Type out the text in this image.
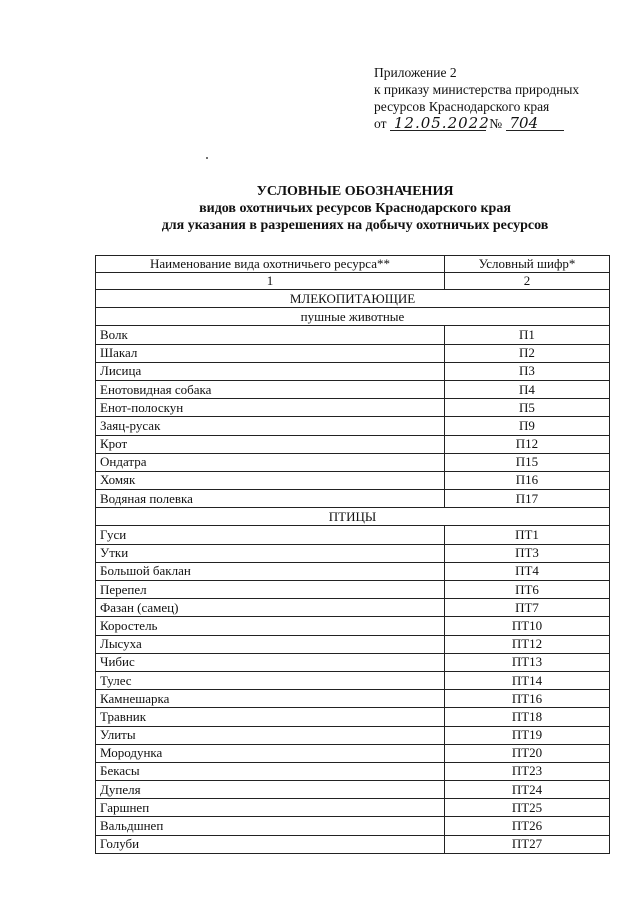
Приложение 2
к приказу министерства природных
ресурсов Краснодарского края
от 12.05.2022 № 704
УСЛОВНЫЕ ОБОЗНАЧЕНИЯ
видов охотничьих ресурсов Краснодарского края
для указания в разрешениях на добычу охотничьих ресурсов
Наименование вида охотничьего ресурса**	Условный шифр*
1	2
МЛЕКОПИТАЮЩИЕ	
пушные животные	
Волк	П1
Шакал	П2
Лисица	П3
Енотовидная собака	П4
Енот-полоскун	П5
Заяц-русак	П9
Крот	П12
Ондатра	П15
Хомяк	П16
Водяная полевка	П17
ПТИЦЫ	
Гуси	ПТ1
Утки	ПТ3
Большой баклан	ПТ4
Перепел	ПТ6
Фазан (самец)	ПТ7
Коростель	ПТ10
Лысуха	ПТ12
Чибис	ПТ13
Тулес	ПТ14
Камнешарка	ПТ16
Травник	ПТ18
Улиты	ПТ19
Мородунка	ПТ20
Бекасы	ПТ23
Дупеля	ПТ24
Гаршнеп	ПТ25
Вальдшнеп	ПТ26
Голуби	ПТ27
